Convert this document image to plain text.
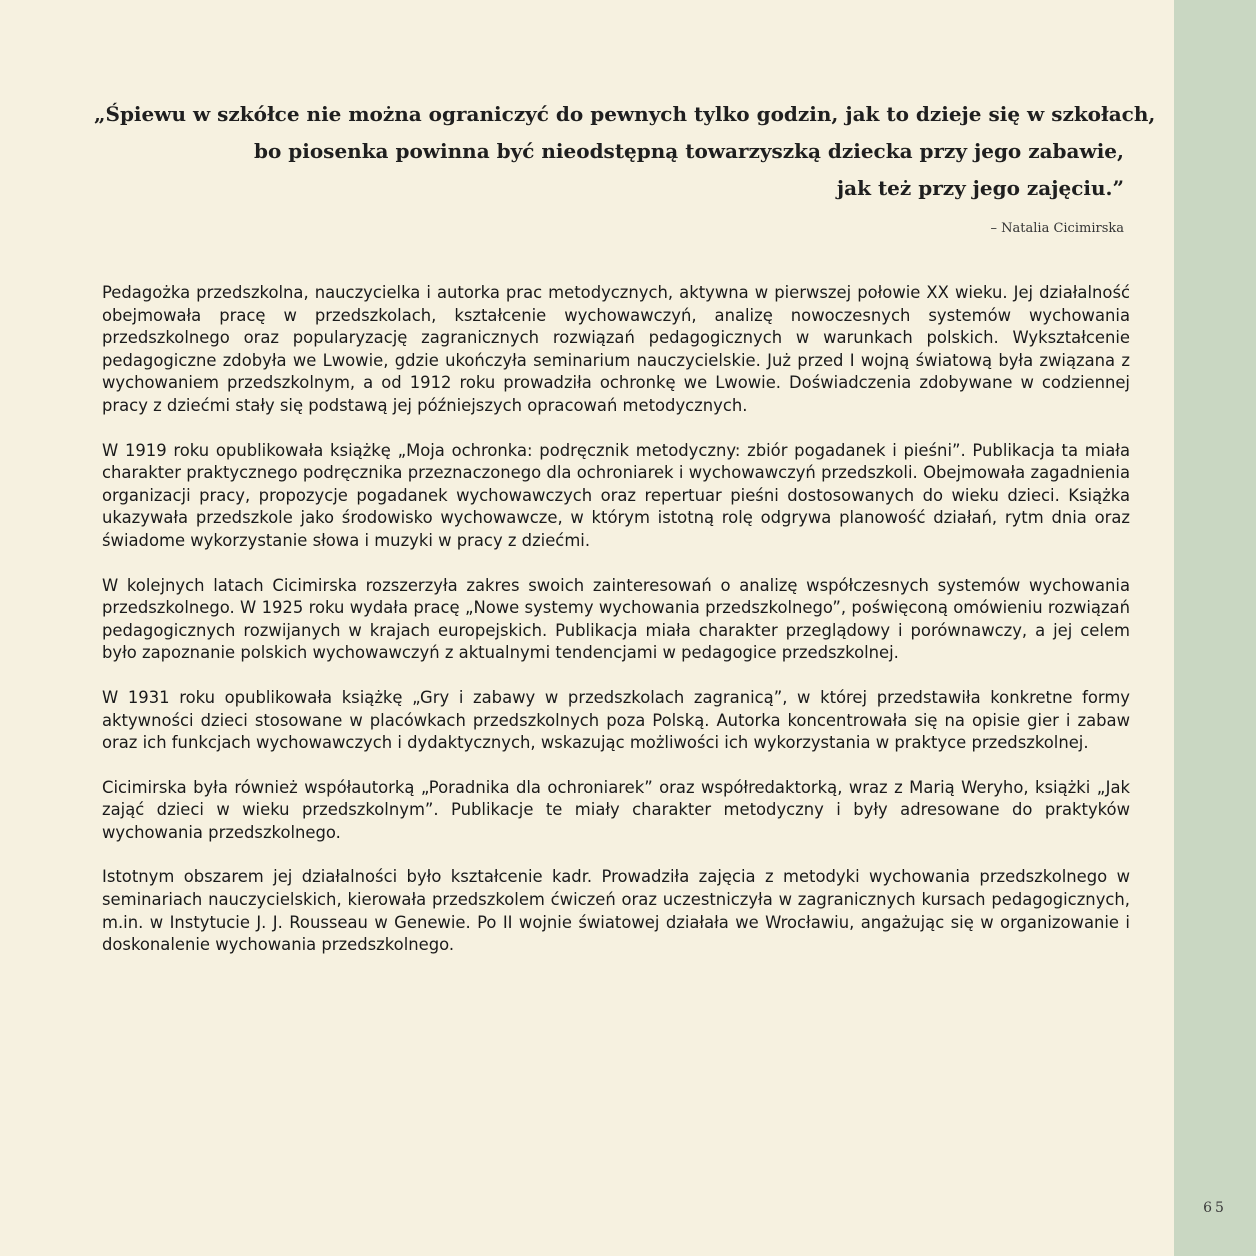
„Śpiewu w szkółce nie można ograniczyć do pewnych tylko godzin, jak to dzieje się w szkołach,
bo piosenka powinna być nieodstępną towarzyszką dziecka przy jego zabawie,
jak też przy jego zajęciu.”
– Natalia Cicimirska

Pedagożka przedszkolna, nauczycielka i autorka prac metodycznych, aktywna w pierwszej połowie XX wieku. Jej działalność obejmowała pracę w przedszkolach, kształcenie wychowawczyń, analizę nowoczesnych systemów wychowania przedszkolnego oraz popularyzację zagranicznych rozwiązań pedagogicznych w warunkach polskich. Wykształcenie pedagogiczne zdobyła we Lwowie, gdzie ukończyła seminarium nauczycielskie. Już przed I wojną światową była związana z wychowaniem przedszkolnym, a od 1912 roku prowadziła ochronkę we Lwowie. Doświadczenia zdobywane w codziennej pracy z dziećmi stały się podstawą jej późniejszych opracowań metodycznych.

W 1919 roku opublikowała książkę „Moja ochronka: podręcznik metodyczny: zbiór pogadanek i pieśni”. Publikacja ta miała charakter praktycznego podręcznika przeznaczonego dla ochroniarek i wychowawczyń przedszkoli. Obejmowała zagadnienia organizacji pracy, propozycje pogadanek wychowawczych oraz repertuar pieśni dostosowanych do wieku dzieci. Książka ukazywała przedszkole jako środowisko wychowawcze, w którym istotną rolę odgrywa planowość działań, rytm dnia oraz świadome wykorzystanie słowa i muzyki w pracy z dziećmi.

W kolejnych latach Cicimirska rozszerzyła zakres swoich zainteresowań o analizę współczesnych systemów wychowania przedszkolnego. W 1925 roku wydała pracę „Nowe systemy wychowania przedszkolnego”, poświęconą omówieniu rozwiązań pedagogicznych rozwijanych w krajach europejskich. Publikacja miała charakter przeglądowy i porównawczy, a jej celem było zapoznanie polskich wychowawczyń z aktualnymi tendencjami w pedagogice przedszkolnej.

W 1931 roku opublikowała książkę „Gry i zabawy w przedszkolach zagranicą”, w której przedstawiła konkretne formy aktywności dzieci stosowane w placówkach przedszkolnych poza Polską. Autorka koncentrowała się na opisie gier i zabaw oraz ich funkcjach wychowawczych i dydaktycznych, wskazując możliwości ich wykorzystania w praktyce przedszkolnej.

Cicimirska była również współautorką „Poradnika dla ochroniarek” oraz współredaktorką, wraz z Marią Weryho, książki „Jak zająć dzieci w wieku przedszkolnym”. Publikacje te miały charakter metodyczny i były adresowane do praktyków wychowania przedszkolnego.

Istotnym obszarem jej działalności było kształcenie kadr. Prowadziła zajęcia z metodyki wychowania przedszkolnego w seminariach nauczycielskich, kierowała przedszkolem ćwiczeń oraz uczestniczyła w zagranicznych kursach pedagogicznych, m.in. w Instytucie J. J. Rousseau w Genewie. Po II wojnie światowej działała we Wrocławiu, angażując się w organizowanie i doskonalenie wychowania przedszkolnego.

65
